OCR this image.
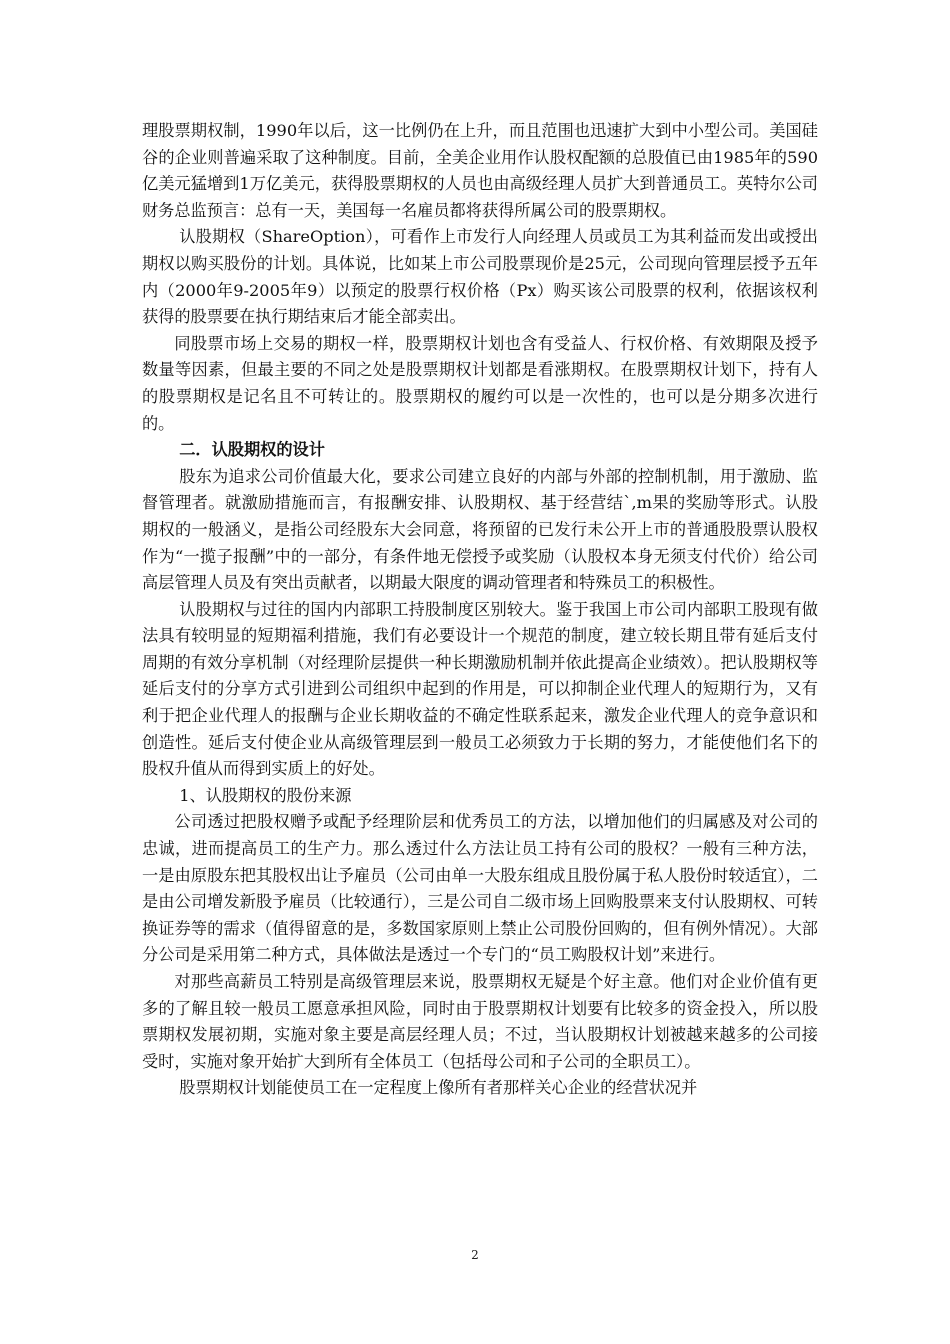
理股票期权制，1990年以后，这一比例仍在上升，而且范围也迅速扩大到中小型公司。美国硅谷的企业则普遍采取了这种制度。目前，全美企业用作认股权配额的总股值已由1985年的590亿美元猛增到1万亿美元，获得股票期权的人员也由高级经理人员扩大到普通员工。英特尔公司财务总监预言：总有一天，美国每一名雇员都将获得所属公司的股票期权。

认股期权（ShareOption），可看作上市发行人向经理人员或员工为其利益而发出或授出期权以购买股份的计划。具体说，比如某上市公司股票现价是25元，公司现向管理层授予五年内（2000年9-2005年9）以预定的股票行权价格（Px）购买该公司股票的权利，依据该权利获得的股票要在执行期结束后才能全部卖出。

同股票市场上交易的期权一样，股票期权计划也含有受益人、行权价格、有效期限及授予数量等因素，但最主要的不同之处是股票期权计划都是看涨期权。在股票期权计划下，持有人的股票期权是记名且不可转让的。股票期权的履约可以是一次性的，也可以是分期多次进行的。

二．认股期权的设计

股东为追求公司价值最大化，要求公司建立良好的内部与外部的控制机制，用于激励、监督管理者。就激励措施而言，有报酬安排、认股期权、基于经营结`,m果的奖励等形式。认股期权的一般涵义，是指公司经股东大会同意，将预留的已发行未公开上市的普通股股票认股权作为“一揽子报酬”中的一部分，有条件地无偿授予或奖励（认股权本身无须支付代价）给公司高层管理人员及有突出贡献者，以期最大限度的调动管理者和特殊员工的积极性。

认股期权与过往的国内内部职工持股制度区别较大。鉴于我国上市公司内部职工股现有做法具有较明显的短期福利措施，我们有必要设计一个规范的制度，建立较长期且带有延后支付周期的有效分享机制（对经理阶层提供一种长期激励机制并依此提高企业绩效）。把认股期权等延后支付的分享方式引进到公司组织中起到的作用是，可以抑制企业代理人的短期行为，又有利于把企业代理人的报酬与企业长期收益的不确定性联系起来，激发企业代理人的竞争意识和创造性。延后支付使企业从高级管理层到一般员工必须致力于长期的努力，才能使他们名下的股权升值从而得到实质上的好处。

1、认股期权的股份来源

公司透过把股权赠予或配予经理阶层和优秀员工的方法，以增加他们的归属感及对公司的忠诚，进而提高员工的生产力。那么透过什么方法让员工持有公司的股权？一般有三种方法，一是由原股东把其股权出让予雇员（公司由单一大股东组成且股份属于私人股份时较适宜），二是由公司增发新股予雇员（比较通行），三是公司自二级市场上回购股票来支付认股期权、可转换证券等的需求（值得留意的是，多数国家原则上禁止公司股份回购的，但有例外情况）。大部分公司是采用第二种方式，具体做法是透过一个专门的“员工购股权计划”来进行。

对那些高薪员工特别是高级管理层来说，股票期权无疑是个好主意。他们对企业价值有更多的了解且较一般员工愿意承担风险，同时由于股票期权计划要有比较多的资金投入，所以股票期权发展初期，实施对象主要是高层经理人员；不过，当认股期权计划被越来越多的公司接受时，实施对象开始扩大到所有全体员工（包括母公司和子公司的全职员工）。

股票期权计划能使员工在一定程度上像所有者那样关心企业的经营状况并

2
